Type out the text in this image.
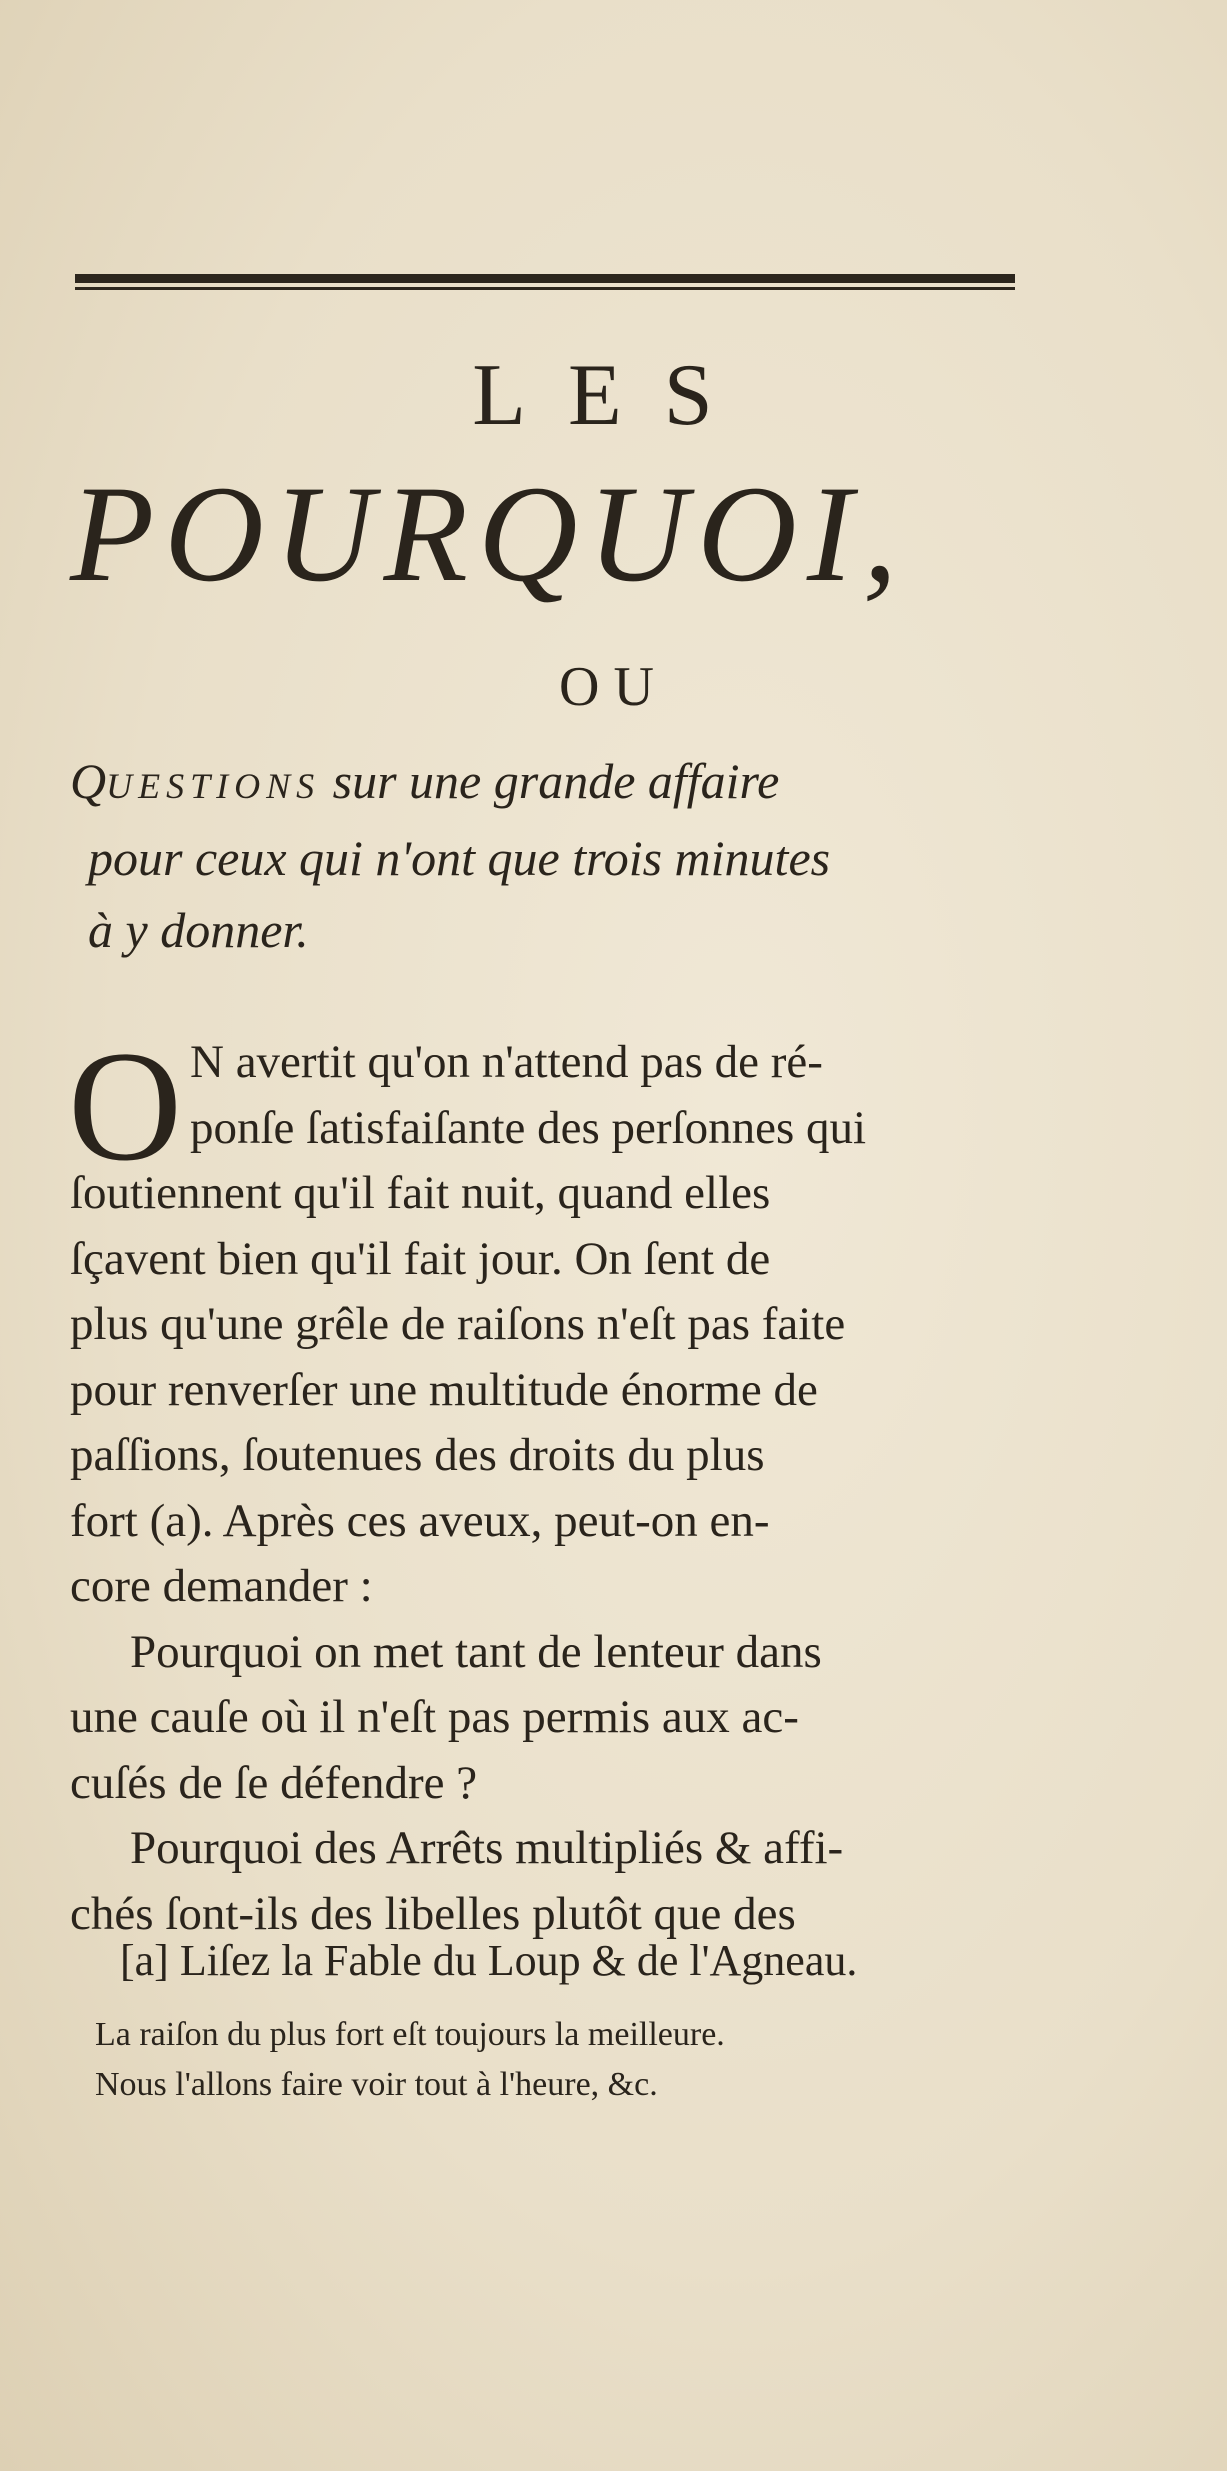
LES
POURQUOI,
OU
QUESTIONS sur une grande affaire
pour ceux qui n'ont que trois minutes
à y donner.
O N avertit qu'on n'attend pas de ré-
ponſe ſatisfaiſante des perſonnes qui
ſoutiennent qu'il fait nuit, quand elles
ſçavent bien qu'il fait jour. On ſent de
plus qu'une grêle de raiſons n'eſt pas faite
pour renverſer une multitude énorme de
paſſions, ſoutenues des droits du plus
fort (a). Après ces aveux, peut-on en-
core demander :
Pourquoi on met tant de lenteur dans
une cauſe où il n'eſt pas permis aux ac-
cuſés de ſe défendre ?
Pourquoi des Arrêts multipliés & affi-
chés ſont-ils des libelles plutôt que des
[a] Liſez la Fable du Loup & de l'Agneau.
La raiſon du plus fort eſt toujours la meilleure.
Nous l'allons faire voir tout à l'heure, &c.
